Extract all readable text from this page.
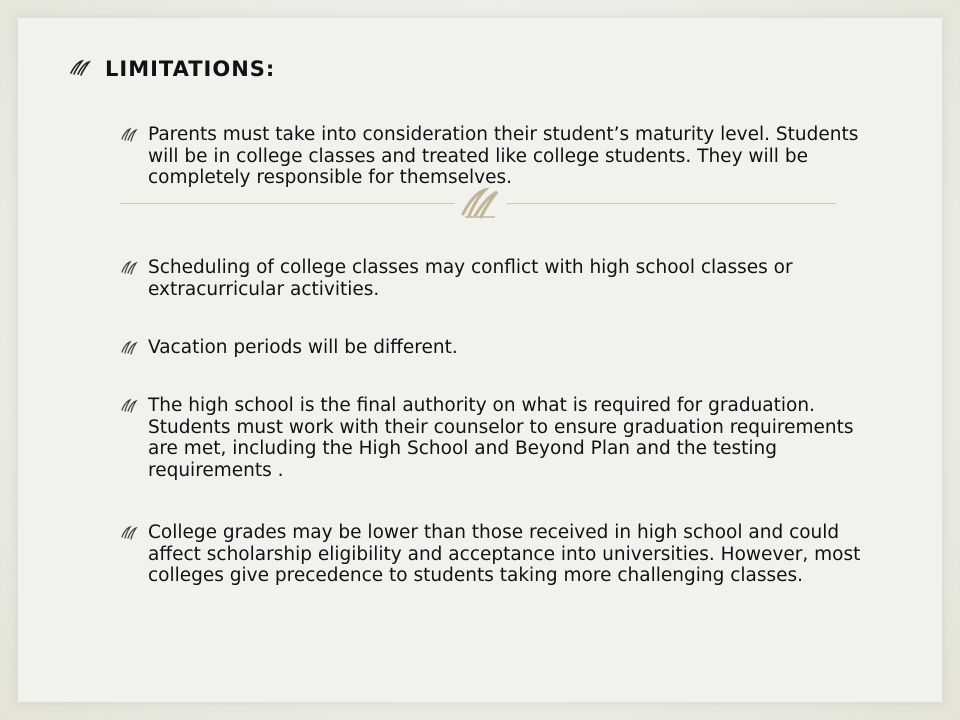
LIMITATIONS:
Parents must take into consideration their student’s maturity level. Students will be in college classes and treated like college students. They will be completely responsible for themselves.
Scheduling of college classes may conflict with high school classes or extracurricular activities.
Vacation periods will be different.
The high school is the final authority on what is required for graduation. Students must work with their counselor to ensure graduation requirements are met, including the High School and Beyond Plan and the testing requirements .
College grades may be lower than those received in high school and could affect scholarship eligibility and acceptance into universities. However, most colleges give precedence to students taking more challenging classes.
